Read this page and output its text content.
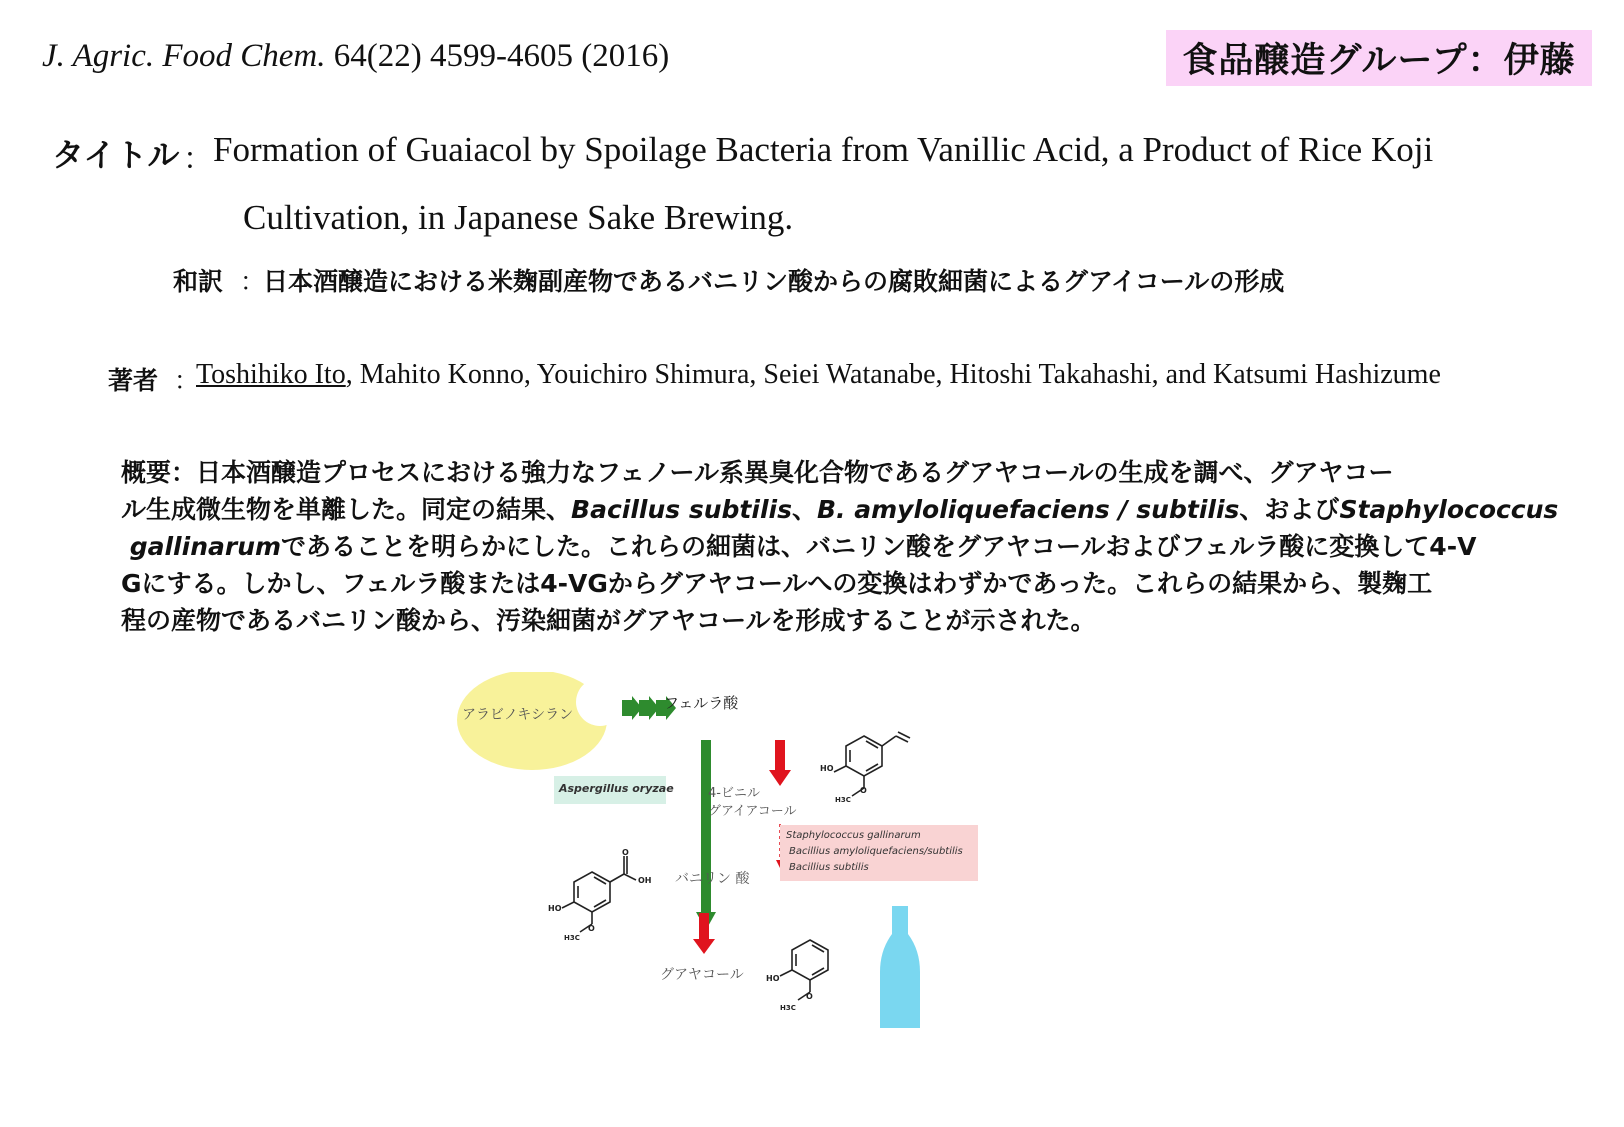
J. Agric. Food Chem. 64(22) 4599-4605 (2016)	食品醸造グループ：伊藤
タイトル ： Formation of Guaiacol by Spoilage Bacteria from Vanillic Acid, a Product of Rice Koji
Cultivation, in Japanese Sake Brewing.
和訳 ：
日本酒醸造における米麹副産物であるバニリン酸からの腐敗細菌によるグアイコールの形成
著者 ：
Toshihiko Ito, Mahito Konno, Youichiro Shimura, Seiei Watanabe, Hitoshi Takahashi, and Katsumi Hashizume
概要：日本酒醸造プロセスにおける強力なフェノール系異臭化合物であるグアヤコールの生成を調べ、グアヤコー
ル生成微生物を単離した。同定の結果、Bacillus subtilis、B. amyloliquefaciens / subtilis、およびStaphylococcus
gallinarumであることを明らかにした。これらの細菌は、バニリン酸をグアヤコールおよびフェルラ酸に変換して4-V
Gにする。しかし、フェルラ酸または4-VGからグアヤコールへの変換はわずかであった。これらの結果から、製麹工
程の産物であるバニリン酸から、汚染細菌がグアヤコールを形成することが示された。
アラビノキシラン
フェルラ酸
Aspergillus oryzae	4-ビニル
グアイアコール
Staphylococcus gallinarum
Bacillius amyloliquefaciens/subtilis
Bacillius subtilis
バニリン 酸
グアヤコール
HO
H3C
O
HO
OH
H3C
O
O
HO
H3C
O
